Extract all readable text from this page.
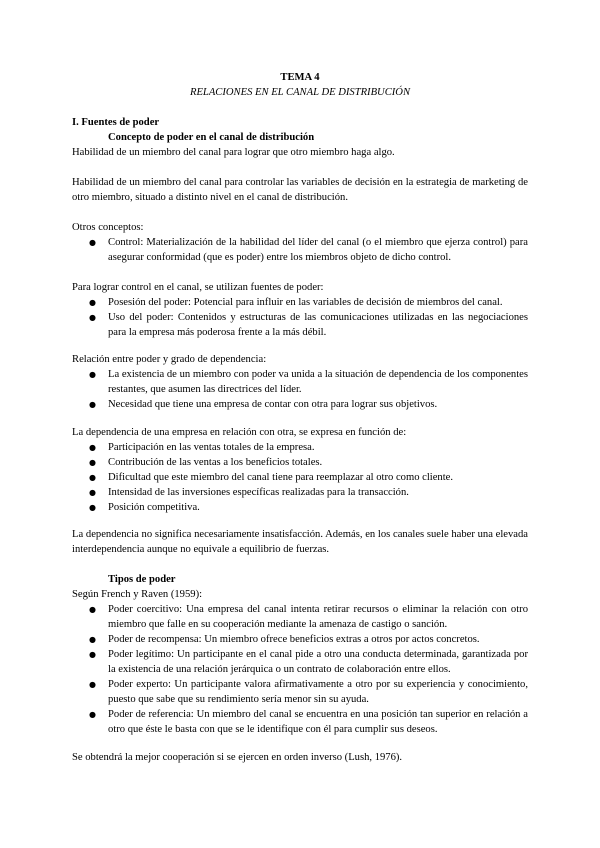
TEMA 4
RELACIONES EN EL CANAL DE DISTRIBUCIÓN
I. Fuentes de poder
Concepto de poder en el canal de distribución
Habilidad de un miembro del canal para lograr que otro miembro haga algo.
Habilidad de un miembro del canal para controlar las variables de decisión en la estrategia de marketing de otro miembro, situado a distinto nivel en el canal de distribución.
Otros conceptos:
● Control: Materialización de la habilidad del líder del canal (o el miembro que ejerza control) para asegurar conformidad (que es poder) entre los miembros objeto de dicho control.
Para lograr control en el canal, se utilizan fuentes de poder:
● Posesión del poder: Potencial para influir en las variables de decisión de miembros del canal.
● Uso del poder: Contenidos y estructuras de las comunicaciones utilizadas en las negociaciones para la empresa más poderosa frente a la más débil.
Relación entre poder y grado de dependencia:
● La existencia de un miembro con poder va unida a la situación de dependencia de los componentes restantes, que asumen las directrices del líder.
● Necesidad que tiene una empresa de contar con otra para lograr sus objetivos.
La dependencia de una empresa en relación con otra, se expresa en función de:
● Participación en las ventas totales de la empresa.
● Contribución de las ventas a los beneficios totales.
● Dificultad que este miembro del canal tiene para reemplazar al otro como cliente.
● Intensidad de las inversiones específicas realizadas para la transacción.
● Posición competitiva.
La dependencia no significa necesariamente insatisfacción. Además, en los canales suele haber una elevada interdependencia aunque no equivale a equilibrio de fuerzas.
Tipos de poder
Según French y Raven (1959):
● Poder coercitivo: Una empresa del canal intenta retirar recursos o eliminar la relación con otro miembro que falle en su cooperación mediante la amenaza de castigo o sanción.
● Poder de recompensa: Un miembro ofrece beneficios extras a otros por actos concretos.
● Poder legítimo: Un participante en el canal pide a otro una conducta determinada, garantizada por la existencia de una relación jerárquica o un contrato de colaboración entre ellos.
● Poder experto: Un participante valora afirmativamente a otro por su experiencia y conocimiento, puesto que sabe que su rendimiento sería menor sin su ayuda.
● Poder de referencia: Un miembro del canal se encuentra en una posición tan superior en relación a otro que éste le basta con que se le identifique con él para cumplir sus deseos.
Se obtendrá la mejor cooperación si se ejercen en orden inverso (Lush, 1976).
